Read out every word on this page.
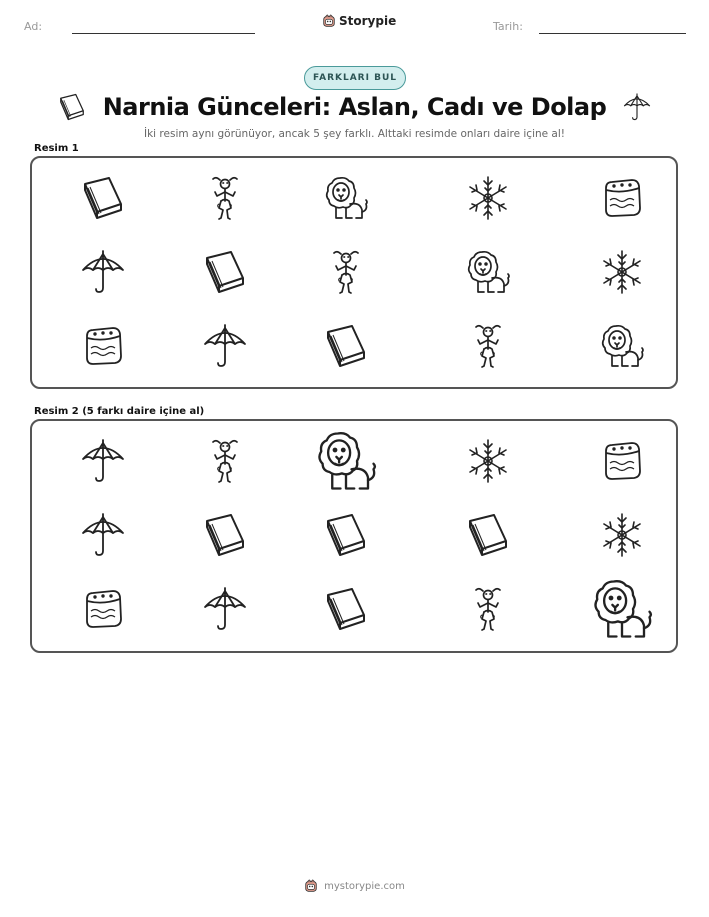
Ad:	Storypie	Tarih:
FARKLARI BUL
Narnia Günceleri: Aslan, Cadı ve Dolap
İki resim aynı görünüyor, ancak 5 şey farklı. Alttaki resimde onları daire içine al!
Resim 1
Resim 2 (5 farkı daire içine al)
mystorypie.com
